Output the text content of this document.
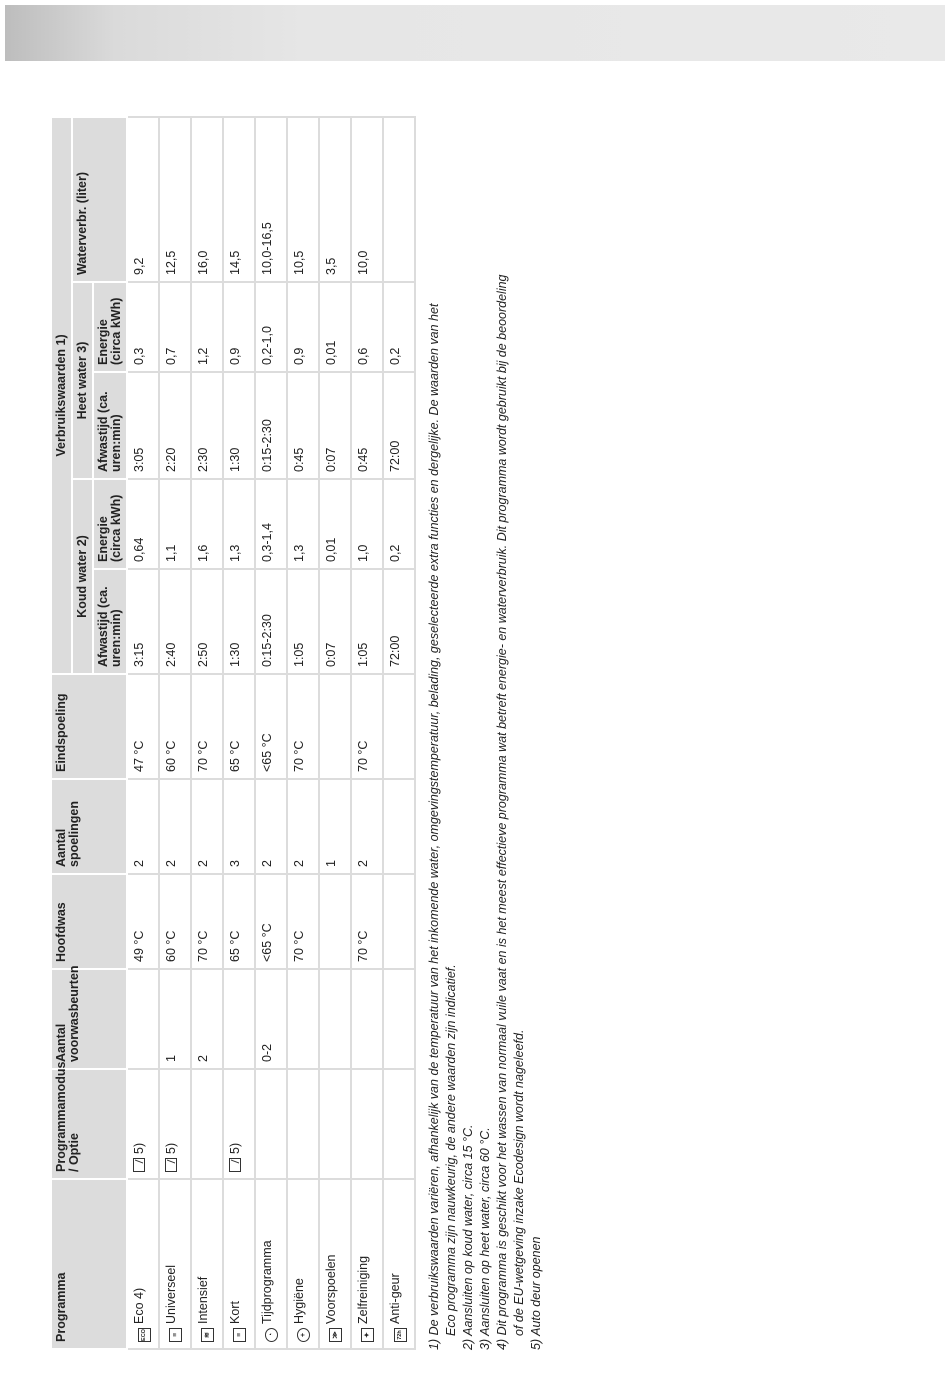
Programma	Programmamodus / Optie	Aantal voorwasbeurten	Hoofdwas	Aantal spoelingen	Eindspoeling	Verbruikswaarden 1)				
						Koud water 2)		Heet water 3)		Waterverbr. (liter)
						Afwastijd (ca. uren:min)	Energie (circa kWh)	Afwastijd (ca. uren:min)	Energie (circa kWh)	
ECOEco 4)	5)		49 °C	2	47 °C	3:15	0,64	3:05	0,3	9,2
≡Universeel	5)	1	60 °C	2	60 °C	2:40	1,1	2:20	0,7	12,5
≋Intensief		2	70 °C	2	70 °C	2:50	1,6	2:30	1,2	16,0
≡Kort	5)		65 °C	3	65 °C	1:30	1,3	1:30	0,9	14,5
◔Tijdprogramma		0-2	<65 °C	2	<65 °C	0:15-2:30	0,3-1,4	0:15-2:30	0,2-1,0	10,0-16,5
+Hygiëne			70 °C	2	70 °C	1:05	1,3	0:45	0,9	10,5
≫Voorspoelen				1		0:07	0,01	0:07	0,01	3,5
✦Zelfreiniging			70 °C	2	70 °C	1:05	1,0	0:45	0,6	10,0
72hAnti-geur						72:00	0,2	72:00	0,2	1) De verbruikswaarden variëren, afhankelijk van de temperatuur van het inkomende water, omgevingstemperatuur, belading, geselecteerde extra functies en dergelijke. De waarden van het Eco programma zijn nauwkeurig, de andere waarden zijn indicatief. 2) Aansluiten op koud water, circa 15 °C. 3) Aansluiten op heet water, circa 60 °C. 4) Dit programma is geschikt voor het wassen van normaal vuile vaat en is het meest effectieve programma wat betreft energie- en waterverbruik. Dit programma wordt gebruikt bij de beoordeling of de EU-wetgeving inzake Ecodesign wordt nageleefd. 5) Auto deur openen
